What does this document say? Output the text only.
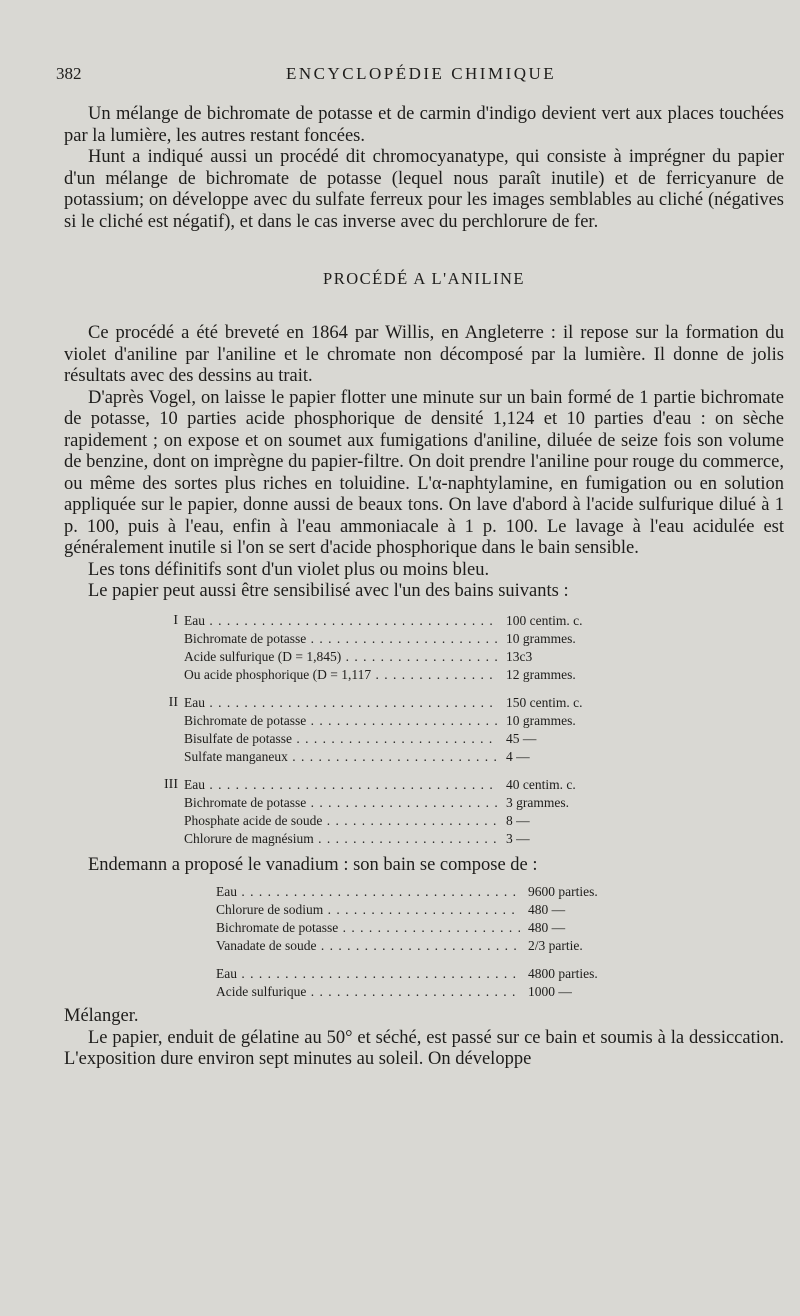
382	ENCYCLOPÉDIE CHIMIQUE

Un mélange de bichromate de potasse et de carmin d'indigo devient vert aux places touchées par la lumière, les autres restant foncées.

Hunt a indiqué aussi un procédé dit chromocyanatype, qui consiste à imprégner du papier d'un mélange de bichromate de potasse (lequel nous paraît inutile) et de ferricyanure de potassium; on développe avec du sulfate ferreux pour les images semblables au cliché (négatives si le cliché est négatif), et dans le cas inverse avec du perchlorure de fer.

PROCÉDÉ A L'ANILINE

Ce procédé a été breveté en 1864 par Willis, en Angleterre : il repose sur la formation du violet d'aniline par l'aniline et le chromate non décomposé par la lumière. Il donne de jolis résultats avec des dessins au trait.

D'après Vogel, on laisse le papier flotter une minute sur un bain formé de 1 partie bichromate de potasse, 10 parties acide phosphorique de densité 1,124 et 10 parties d'eau : on sèche rapidement ; on expose et on soumet aux fumigations d'aniline, diluée de seize fois son volume de benzine, dont on imprègne du papier-filtre. On doit prendre l'aniline pour rouge du commerce, ou même des sortes plus riches en toluidine. L'α-naphtylamine, en fumigation ou en solution appliquée sur le papier, donne aussi de beaux tons. On lave d'abord à l'acide sulfurique dilué à 1 p. 100, puis à l'eau, enfin à l'eau ammoniacale à 1 p. 100. Le lavage à l'eau acidulée est généralement inutile si l'on se sert d'acide phosphorique dans le bain sensible.

Les tons définitifs sont d'un violet plus ou moins bleu.

Le papier peut aussi être sensibilisé avec l'un des bains suivants :

I Eau . . .	100 centim. c.
Bichromate de potasse . . .	10 grammes.
Acide sulfurique (D = 1,845) . . .	13c3
Ou acide phosphorique (D = 1,117 . . .	12 grammes.
II Eau . . .	150 centim. c.
Bichromate de potasse . . .	10 grammes.
Bisulfate de potasse . . .	45 —
Sulfate manganeux . . .	4 —
III Eau . . .	40 centim. c.
Bichromate de potasse . . .	3 grammes.
Phosphate acide de soude . . .	8 —
Chlorure de magnésium . . .	3 —

Endemann a proposé le vanadium : son bain se compose de :

Eau . . .	9600 parties.
Chlorure de sodium . . .	480 —
Bichromate de potasse . . .	480 —
Vanadate de soude . . .	2/3 partie.
Eau . . .	4800 parties.
Acide sulfurique . . .	1000 —

Mélanger.

Le papier, enduit de gélatine au 50° et séché, est passé sur ce bain et soumis à la dessiccation. L'exposition dure environ sept minutes au soleil. On développe
